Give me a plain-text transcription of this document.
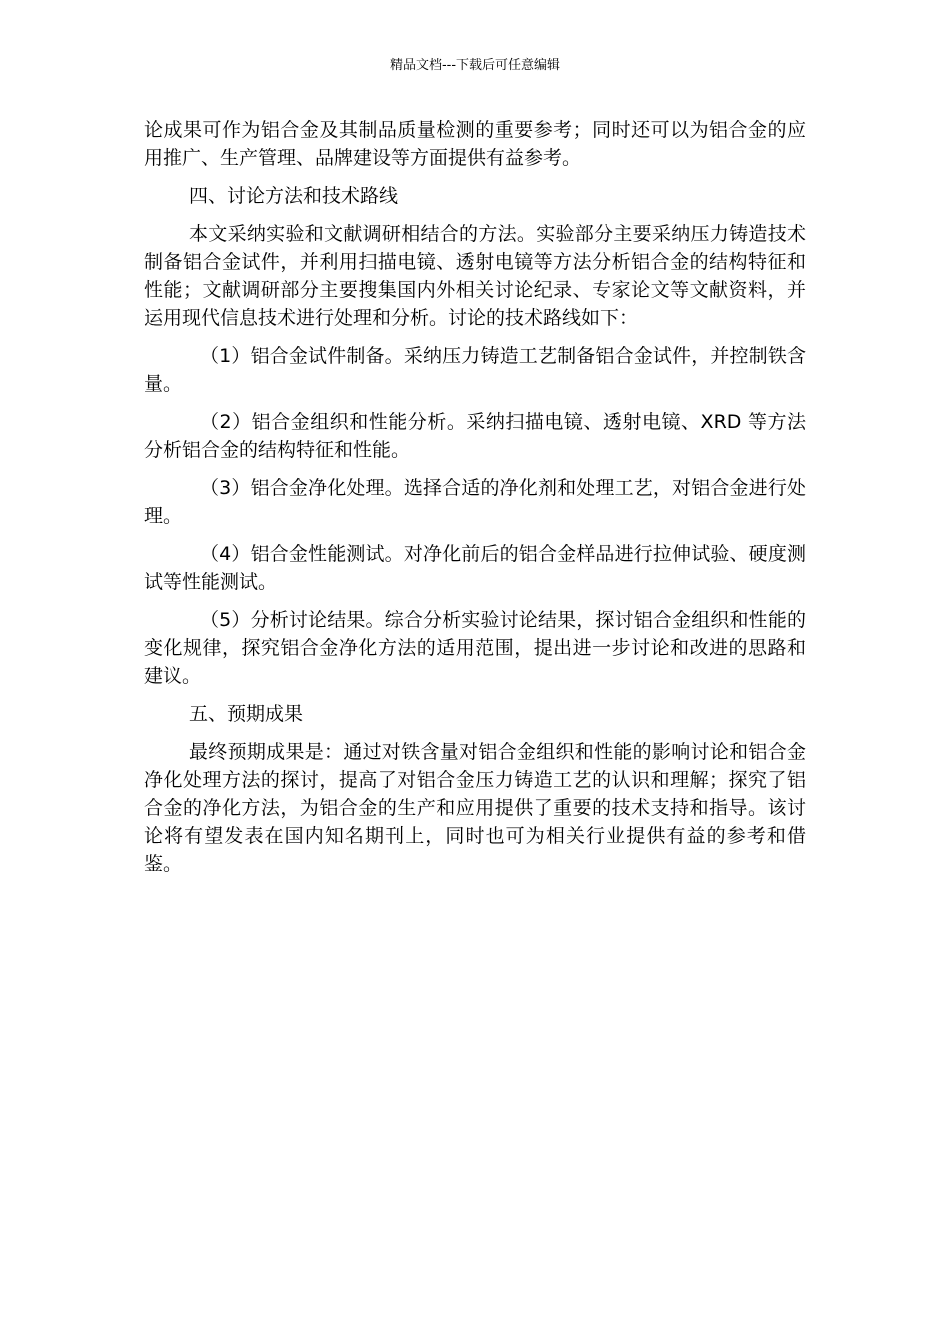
精品文档---下载后可任意编辑

论成果可作为铝合金及其制品质量检测的重要参考；同时还可以为铝合金的应用推广、生产管理、品牌建设等方面提供有益参考。

四、讨论方法和技术路线

本文采纳实验和文献调研相结合的方法。实验部分主要采纳压力铸造技术制备铝合金试件，并利用扫描电镜、透射电镜等方法分析铝合金的结构特征和性能；文献调研部分主要搜集国内外相关讨论纪录、专家论文等文献资料，并运用现代信息技术进行处理和分析。讨论的技术路线如下：

（1）铝合金试件制备。采纳压力铸造工艺制备铝合金试件，并控制铁含量。

（2）铝合金组织和性能分析。采纳扫描电镜、透射电镜、XRD 等方法分析铝合金的结构特征和性能。

（3）铝合金净化处理。选择合适的净化剂和处理工艺，对铝合金进行处理。

（4）铝合金性能测试。对净化前后的铝合金样品进行拉伸试验、硬度测试等性能测试。

（5）分析讨论结果。综合分析实验讨论结果，探讨铝合金组织和性能的变化规律，探究铝合金净化方法的适用范围，提出进一步讨论和改进的思路和建议。

五、预期成果

最终预期成果是：通过对铁含量对铝合金组织和性能的影响讨论和铝合金净化处理方法的探讨，提高了对铝合金压力铸造工艺的认识和理解；探究了铝合金的净化方法，为铝合金的生产和应用提供了重要的技术支持和指导。该讨论将有望发表在国内知名期刊上，同时也可为相关行业提供有益的参考和借鉴。
